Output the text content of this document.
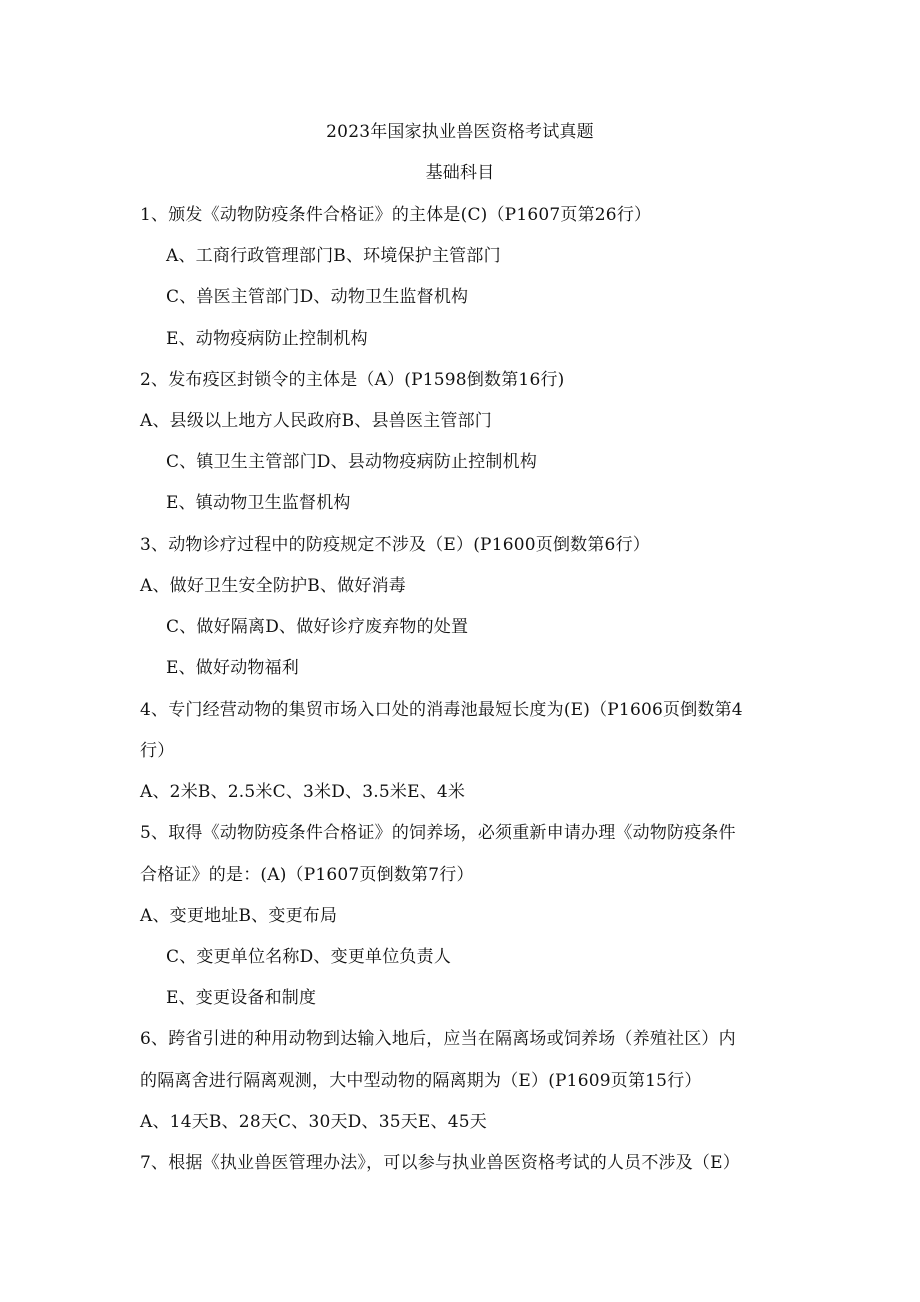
2023年国家执业兽医资格考试真题
基础科目
1、颁发《动物防疫条件合格证》的主体是(C)（P1607页第26行）
A、工商行政管理部门B、环境保护主管部门
C、兽医主管部门D、动物卫生监督机构
E、动物疫病防止控制机构
2、发布疫区封锁令的主体是（A）(P1598倒数第16行)
A、县级以上地方人民政府B、县兽医主管部门
C、镇卫生主管部门D、县动物疫病防止控制机构
E、镇动物卫生监督机构
3、动物诊疗过程中的防疫规定不涉及（E）(P1600页倒数第6行）
A、做好卫生安全防护B、做好消毒
C、做好隔离D、做好诊疗废弃物的处置
E、做好动物福利
4、专门经营动物的集贸市场入口处的消毒池最短长度为(E)（P1606页倒数第4
行）
A、2米B、2.5米C、3米D、3.5米E、4米
5、取得《动物防疫条件合格证》的饲养场，必须重新申请办理《动物防疫条件
合格证》的是：(A)（P1607页倒数第7行）
A、变更地址B、变更布局
C、变更单位名称D、变更单位负责人
E、变更设备和制度
6、跨省引进的种用动物到达输入地后，应当在隔离场或饲养场（养殖社区）内
的隔离舍进行隔离观测，大中型动物的隔离期为（E）(P1609页第15行）
A、14天B、28天C、30天D、35天E、45天
7、根据《执业兽医管理办法》，可以参与执业兽医资格考试的人员不涉及（E）
